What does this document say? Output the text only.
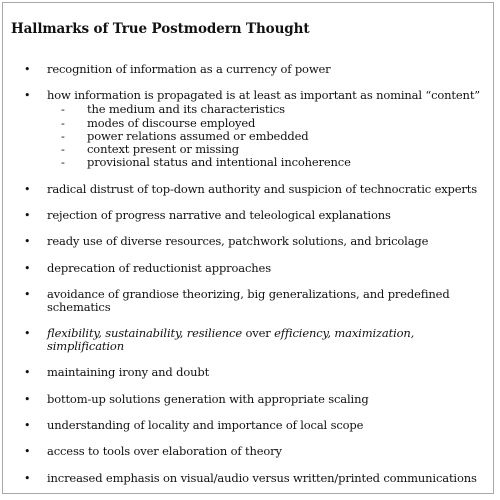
Hallmarks of True Postmodern Thought
• recognition of information as a currency of power
• how information is propagated is at least as important as nominal “content”
- the medium and its characteristics
- modes of discourse employed
- power relations assumed or embedded
- context present or missing
- provisional status and intentional incoherence
• radical distrust of top-down authority and suspicion of technocratic experts
• rejection of progress narrative and teleological explanations
• ready use of diverse resources, patchwork solutions, and bricolage
• deprecation of reductionist approaches
• avoidance of grandiose theorizing, big generalizations, and predefined schematics
• flexibility, sustainability, resilience over efficiency, maximization, simplification
• maintaining irony and doubt
• bottom-up solutions generation with appropriate scaling
• understanding of locality and importance of local scope
• access to tools over elaboration of theory
• increased emphasis on visual/audio versus written/printed communications
